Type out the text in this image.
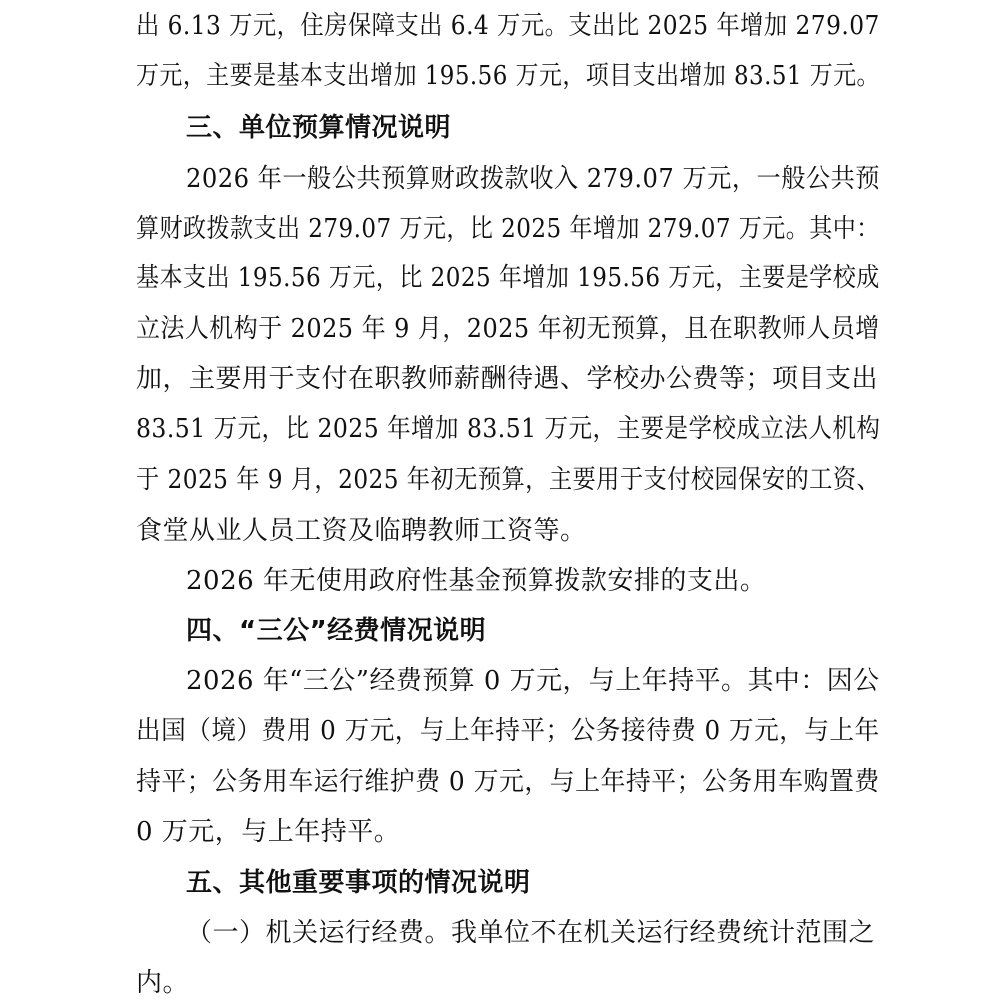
出 6.13 万元，住房保障支出 6.4 万元。支出比 2025 年增加 279.07
万元，主要是基本支出增加 195.56 万元，项目支出增加 83.51 万元。
三、单位预算情况说明
2026 年一般公共预算财政拨款收入 279.07 万元，一般公共预
算财政拨款支出 279.07 万元，比 2025 年增加 279.07 万元。其中：
基本支出 195.56 万元，比 2025 年增加 195.56 万元，主要是学校成
立法人机构于 2025 年 9 月，2025 年初无预算，且在职教师人员增
加，主要用于支付在职教师薪酬待遇、学校办公费等；项目支出
83.51 万元，比 2025 年增加 83.51 万元，主要是学校成立法人机构
于 2025 年 9 月，2025 年初无预算，主要用于支付校园保安的工资、
食堂从业人员工资及临聘教师工资等。
2026 年无使用政府性基金预算拨款安排的支出。
四、“三公”经费情况说明
2026 年“三公”经费预算 0 万元，与上年持平。其中：因公
出国（境）费用 0 万元，与上年持平；公务接待费 0 万元，与上年
持平；公务用车运行维护费 0 万元，与上年持平；公务用车购置费
0 万元，与上年持平。
五、其他重要事项的情况说明
（一）机关运行经费。我单位不在机关运行经费统计范围之
内。
